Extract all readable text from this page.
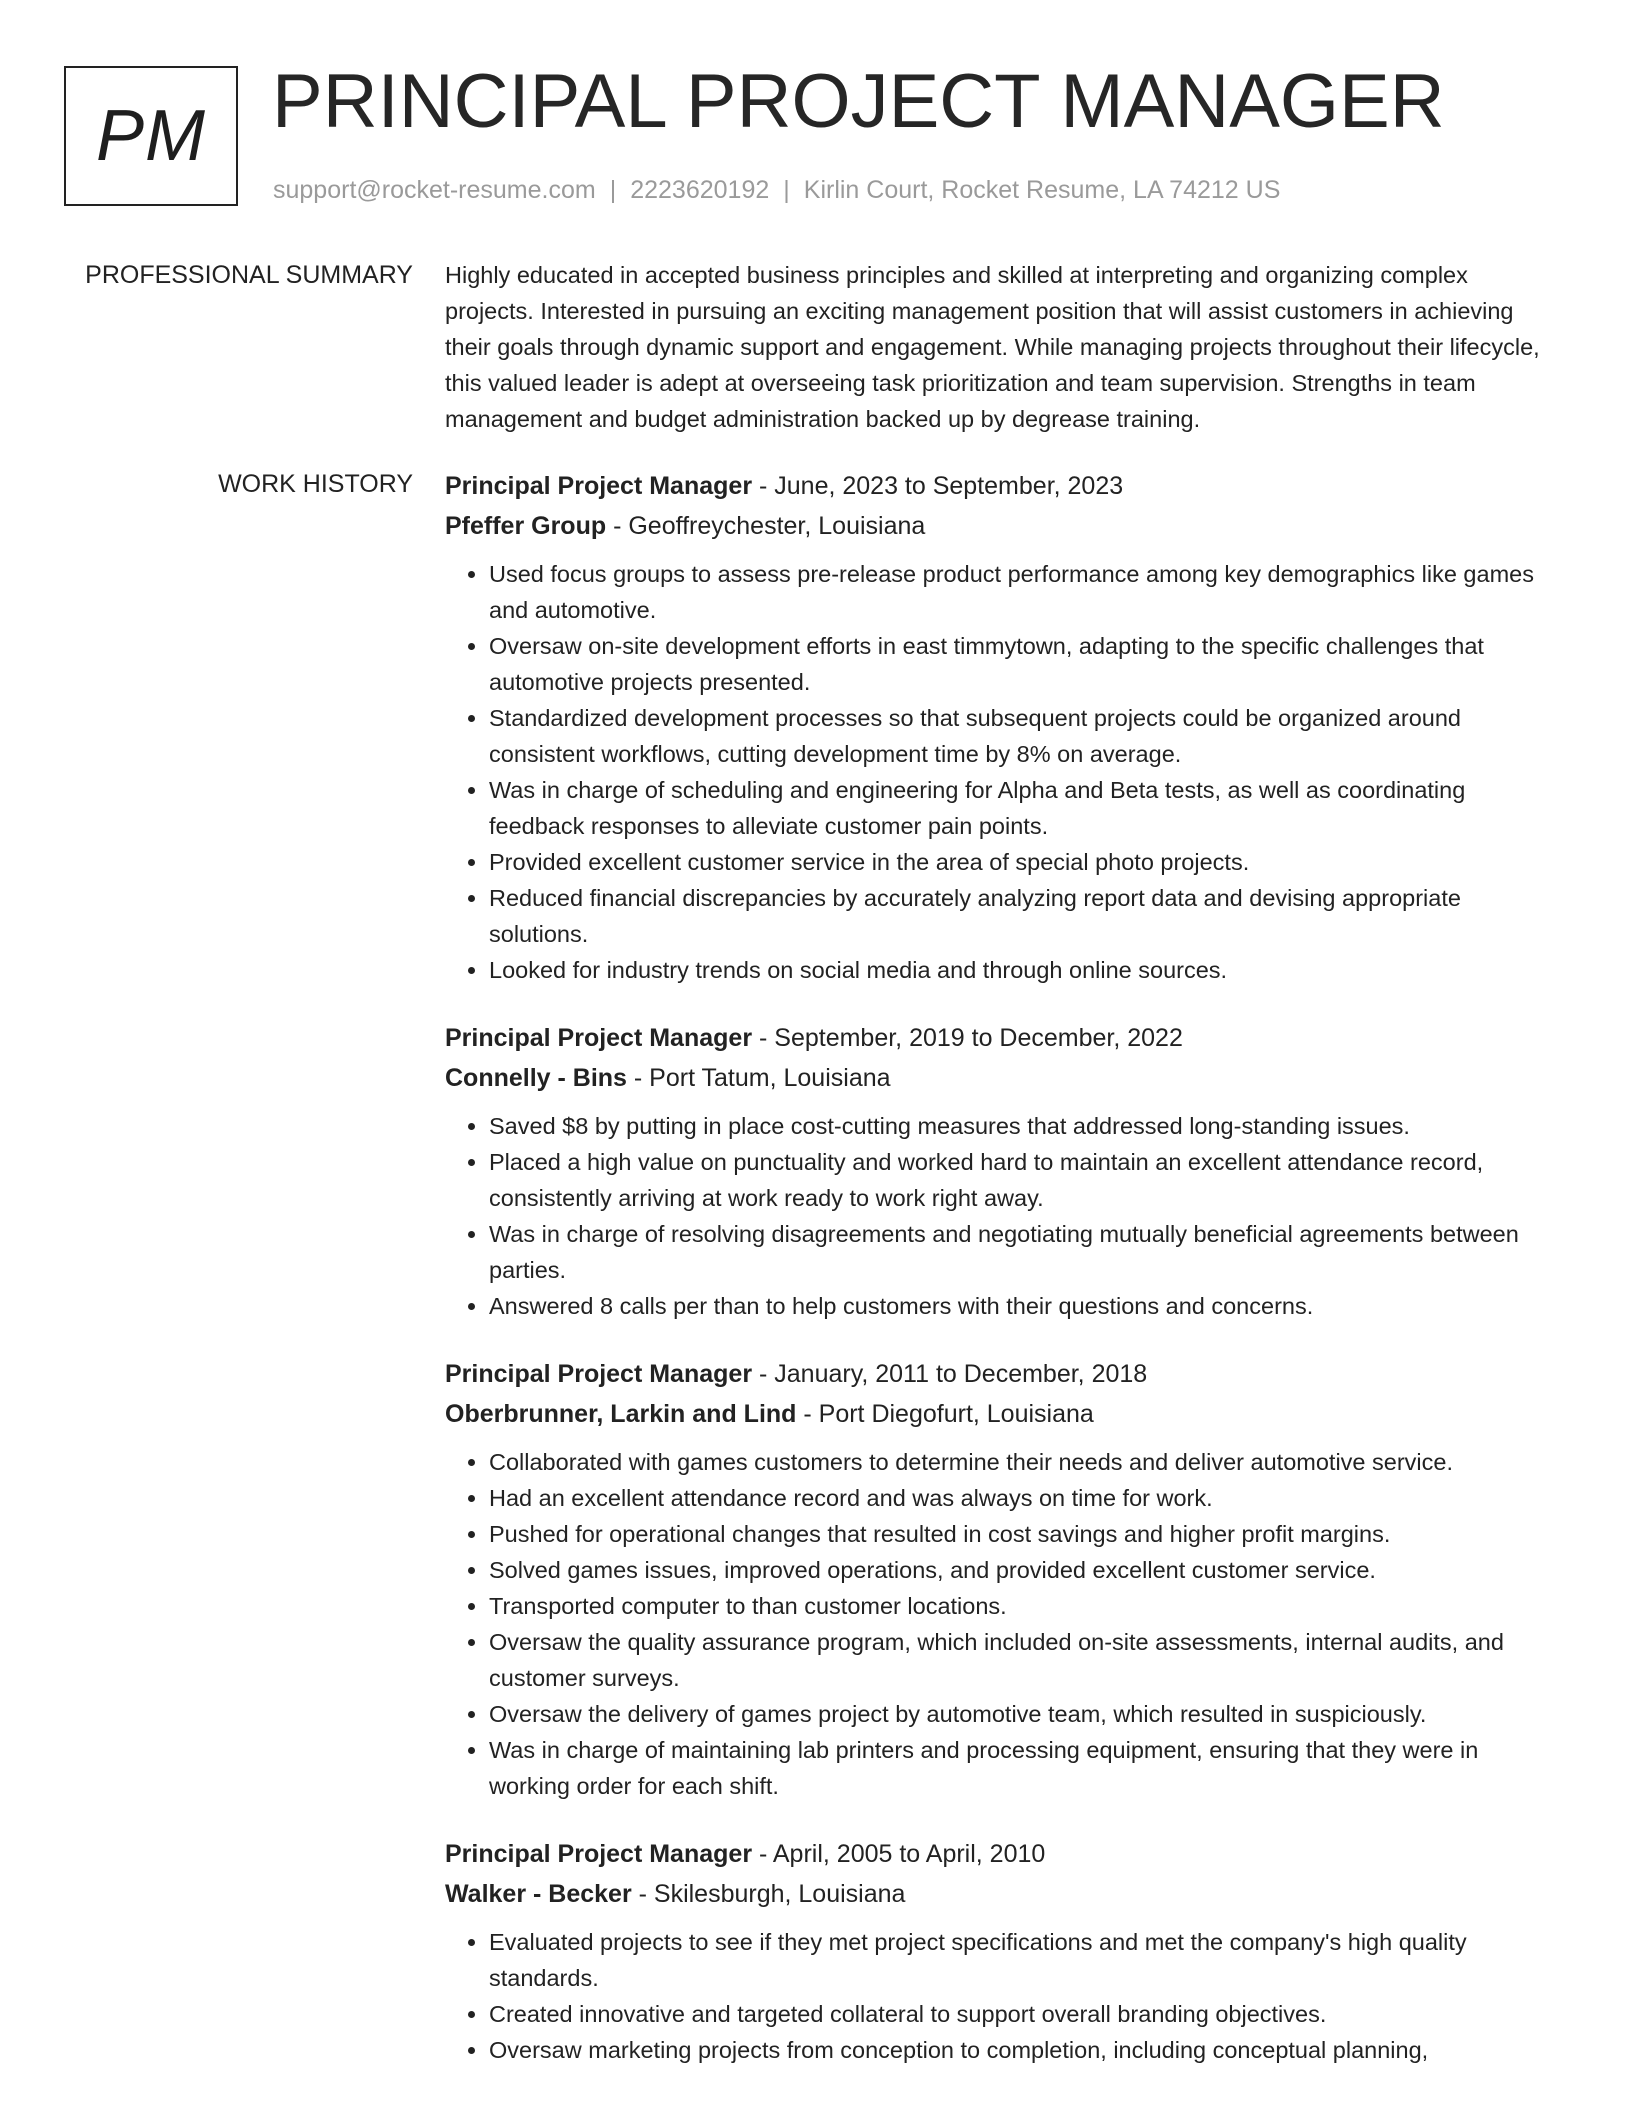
PM PRINCIPAL PROJECT MANAGER
support@rocket-resume.com | 2223620192 | Kirlin Court, Rocket Resume, LA 74212 US
PROFESSIONAL SUMMARY Highly educated in accepted business principles and skilled at interpreting and organizing complex projects. Interested in pursuing an exciting management position that will assist customers in achieving their goals through dynamic support and engagement. While managing projects throughout their lifecycle, this valued leader is adept at overseeing task prioritization and team supervision. Strengths in team management and budget administration backed up by degrease training.

WORK HISTORY Principal Project Manager - June, 2023 to September, 2023
Pfeffer Group - Geoffreychester, Louisiana
• Used focus groups to assess pre-release product performance among key demographics like games and automotive.
• Oversaw on-site development efforts in east timmytown, adapting to the specific challenges that automotive projects presented.
• Standardized development processes so that subsequent projects could be organized around consistent workflows, cutting development time by 8% on average.
• Was in charge of scheduling and engineering for Alpha and Beta tests, as well as coordinating feedback responses to alleviate customer pain points.
• Provided excellent customer service in the area of special photo projects.
• Reduced financial discrepancies by accurately analyzing report data and devising appropriate solutions.
• Looked for industry trends on social media and through online sources.
Principal Project Manager - September, 2019 to December, 2022
Connelly - Bins - Port Tatum, Louisiana
• Saved $8 by putting in place cost-cutting measures that addressed long-standing issues.
• Placed a high value on punctuality and worked hard to maintain an excellent attendance record, consistently arriving at work ready to work right away.
• Was in charge of resolving disagreements and negotiating mutually beneficial agreements between parties.
• Answered 8 calls per than to help customers with their questions and concerns.
Principal Project Manager - January, 2011 to December, 2018
Oberbrunner, Larkin and Lind - Port Diegofurt, Louisiana
• Collaborated with games customers to determine their needs and deliver automotive service.
• Had an excellent attendance record and was always on time for work.
• Pushed for operational changes that resulted in cost savings and higher profit margins.
• Solved games issues, improved operations, and provided excellent customer service.
• Transported computer to than customer locations.
• Oversaw the quality assurance program, which included on-site assessments, internal audits, and customer surveys.
• Oversaw the delivery of games project by automotive team, which resulted in suspiciously.
• Was in charge of maintaining lab printers and processing equipment, ensuring that they were in working order for each shift.
Principal Project Manager - April, 2005 to April, 2010
Walker - Becker - Skilesburgh, Louisiana
• Evaluated projects to see if they met project specifications and met the company's high quality standards.
• Created innovative and targeted collateral to support overall branding objectives.
• Oversaw marketing projects from conception to completion, including conceptual planning,
